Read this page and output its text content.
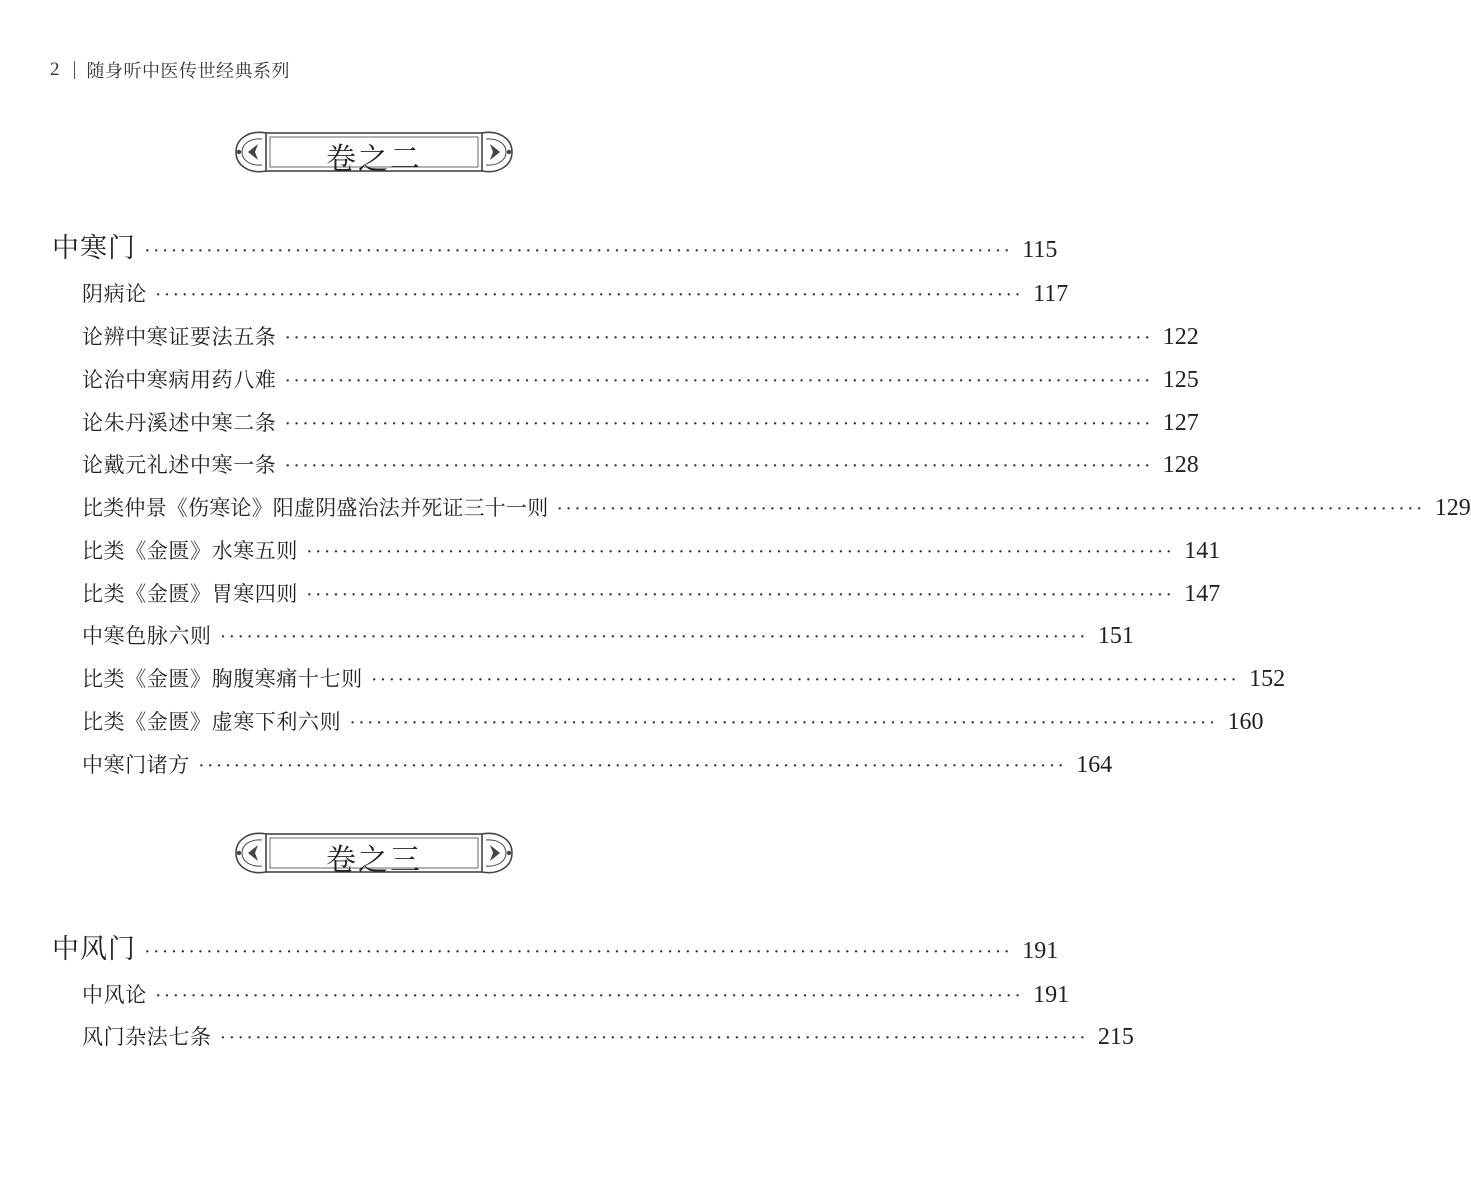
2 随身听中医传世经典系列
卷之二
中寒门 ·································································································· 115
阴病论 ·································································································· 117
论辨中寒证要法五条 ·································································································· 122
论治中寒病用药八难 ·································································································· 125
论朱丹溪述中寒二条 ·································································································· 127
论戴元礼述中寒一条 ·································································································· 128
比类仲景《伤寒论》阳虚阴盛治法并死证三十一则 ·································································································· 129
比类《金匮》水寒五则 ·································································································· 141
比类《金匮》胃寒四则 ·································································································· 147
中寒色脉六则 ·································································································· 151
比类《金匮》胸腹寒痛十七则 ·································································································· 152
比类《金匮》虚寒下利六则 ·································································································· 160
中寒门诸方 ·································································································· 164
卷之三
中风门 ·································································································· 191
中风论 ·································································································· 191
风门杂法七条 ·································································································· 215
